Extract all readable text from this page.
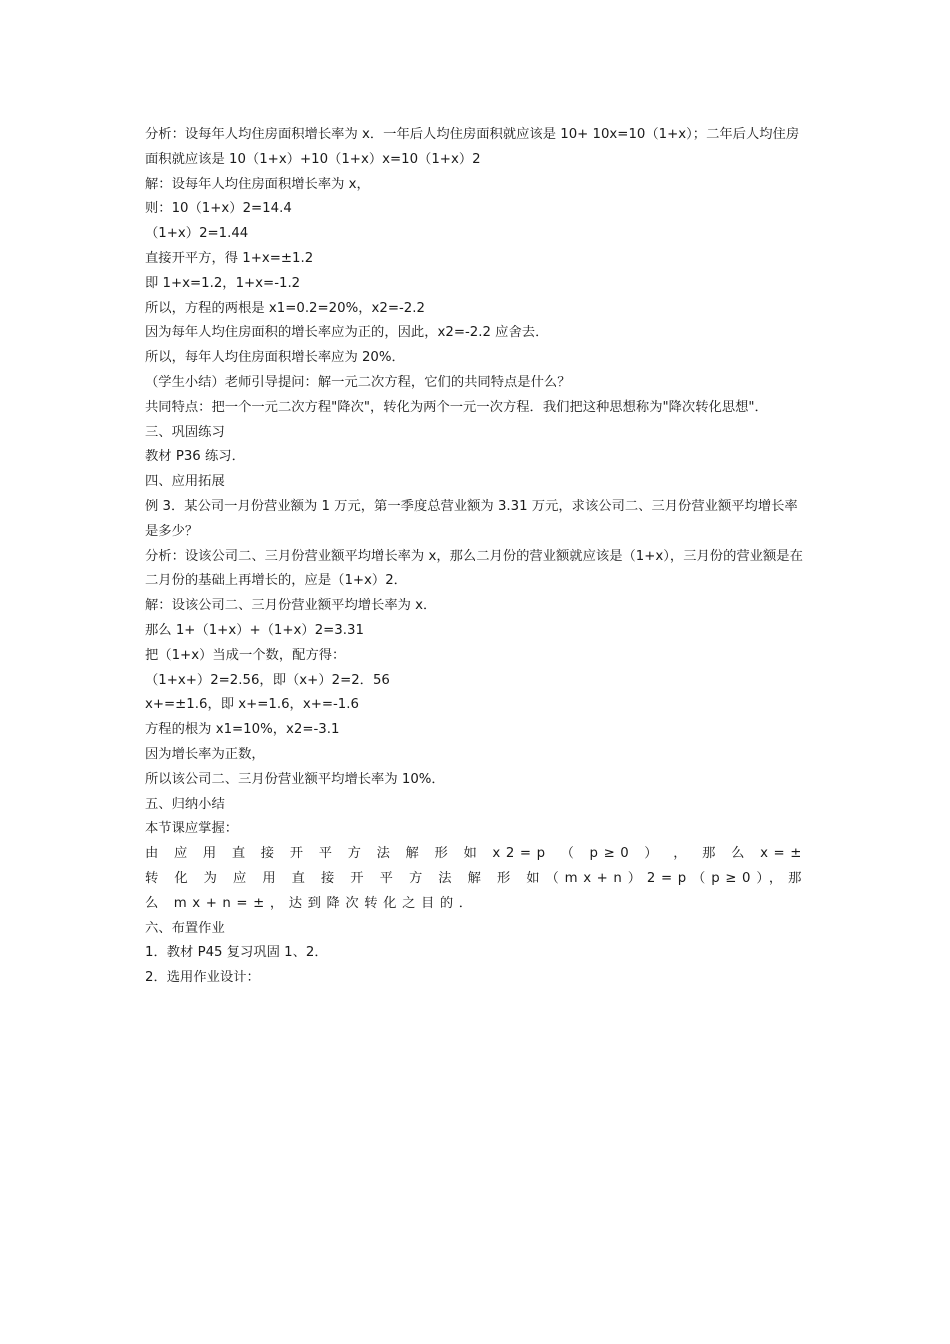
分析：设每年人均住房面积增长率为 x．一年后人均住房面积就应该是 10+ 10x=10（1+x）；二年后人均住房面积就应该是 10（1+x）+10（1+x）x=10（1+x）2

解：设每年人均住房面积增长率为 x，

则：10（1+x）2=14.4

（1+x）2=1.44

直接开平方，得 1+x=±1.2

即 1+x=1.2，1+x=-1.2

所以，方程的两根是 x1=0.2=20%，x2=-2.2

因为每年人均住房面积的增长率应为正的，因此，x2=-2.2 应舍去．

所以，每年人均住房面积增长率应为 20%．

（学生小结）老师引导提问：解一元二次方程，它们的共同特点是什么？

共同特点：把一个一元二次方程"降次"，转化为两个一元一次方程．我们把这种思想称为"降次转化思想"．

三、巩固练习

教材 P36 练习．

四、应用拓展

例 3．某公司一月份营业额为 1 万元，第一季度总营业额为 3.31 万元，求该公司二、三月份营业额平均增长率是多少？

分析：设该公司二、三月份营业额平均增长率为 x，那么二月份的营业额就应该是（1+x），三月份的营业额是在二月份的基础上再增长的，应是（1+x）2．

解：设该公司二、三月份营业额平均增长率为 x．

那么 1+（1+x）+（1+x）2=3.31

把（1+x）当成一个数，配方得：

（1+x+）2=2.56，即（x+）2=2．56

x+=±1.6，即 x+=1.6，x+=-1.6

方程的根为 x1=10%，x2=-3.1

因为增长率为正数，

所以该公司二、三月份营业额平均增长率为 10%．

五、归纳小结

本节课应掌握：

由 应 用 直 接 开 平 方 法 解 形 如 x2=p （ p≥0 ） ， 那 么 x=± 转 化 为 应 用 直 接 开 平 方 法 解 形 如（mx+n）2=p（p≥0），那么 mx+n=±，达到降次转化之目的．

六、布置作业

1．教材 P45 复习巩固 1、2．

2．选用作业设计：
